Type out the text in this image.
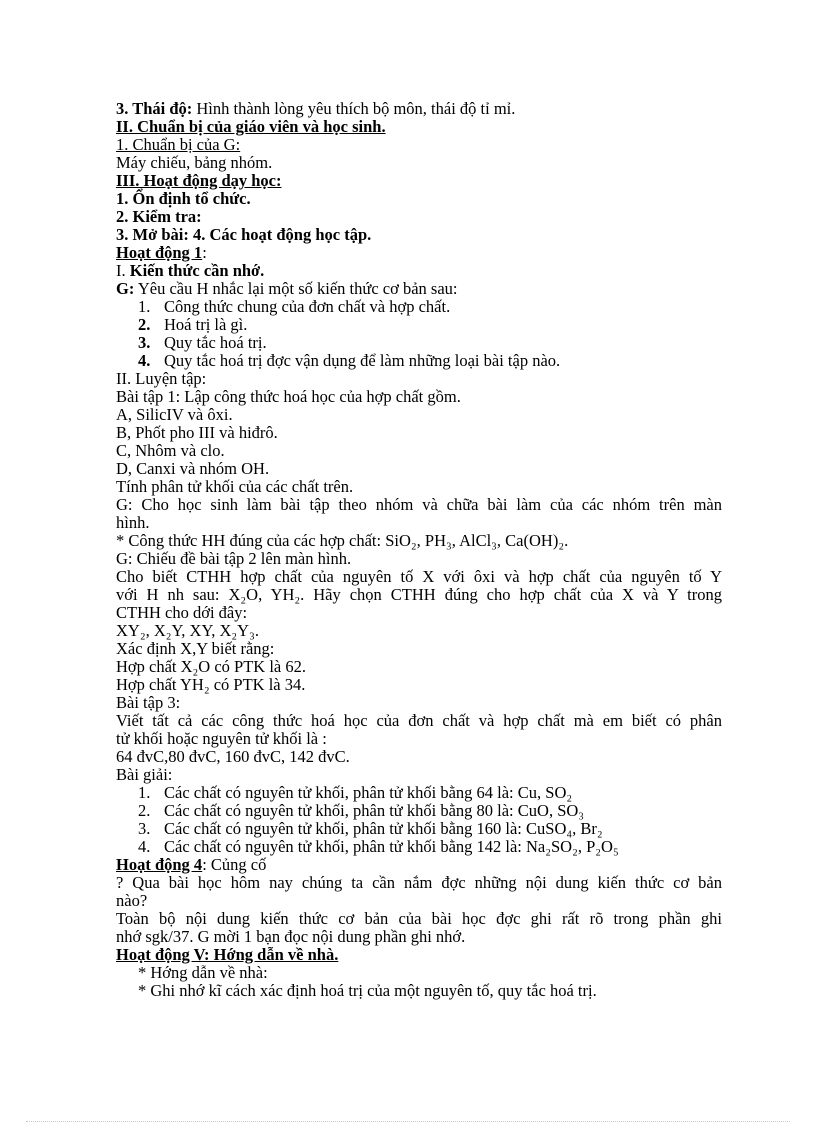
3. Thái độ: Hình thành lòng yêu thích bộ môn, thái độ tỉ mỉ.
II. Chuẩn bị của giáo viên và học sinh.
1. Chuẩn bị của G:
Máy chiếu, bảng nhóm.
III. Hoạt động dạy học:
1. Ổn định tổ chức.
2. Kiểm tra:
3. Mở bài: 4. Các hoạt động học tập.
Hoạt động 1:
I. Kiến thức cần nhớ.
G: Yêu cầu H nhắc lại một số kiến thức cơ bản sau:
1. Công thức chung của đơn chất và hợp chất.
2. Hoá trị là gì.
3. Quy tắc hoá trị.
4. Quy tắc hoá trị đợc vận dụng để làm những loại bài tập nào.
II. Luyện tập:
Bài tập 1: Lập công thức hoá học của hợp chất gồm.
A, SilicIV và ôxi.
B, Phốt pho III và hiđrô.
C, Nhôm và clo.
D, Canxi và nhóm OH.
Tính phân tử khối của các chất trên.
G: Cho học sinh làm bài tập theo nhóm và chữa bài làm của các nhóm trên màn
hình.
* Công thức HH đúng của các hợp chất: SiO₂, PH₃, AlCl₃, Ca(OH)₂.
G: Chiếu đề bài tập 2 lên màn hình.
Cho biết CTHH hợp chất của nguyên tố X với ôxi và hợp chất của nguyên tố Y
với H nh sau: X₂O, YH₂. Hãy chọn CTHH đúng cho hợp chất của X và Y trong
CTHH cho dới đây:
XY₂, X₂Y, XY, X₂Y₃.
Xác định X,Y biết rằng:
Hợp chất X₂O có PTK là 62.
Hợp chất YH₂ có PTK là 34.
Bài tập 3:
Viết tất cả các công thức hoá học của đơn chất và hợp chất mà em biết có phân
tử khối hoặc nguyên tử khối là :
64 đvC,80 đvC, 160 đvC, 142 đvC.
Bài giải:
1. Các chất có nguyên tử khối, phân tử khối bằng 64 là: Cu, SO₂
2. Các chất có nguyên tử khối, phân tử khối bằng 80 là: CuO, SO₃
3. Các chất có nguyên tử khối, phân tử khối bằng 160 là: CuSO₄, Br₂
4. Các chất có nguyên tử khối, phân tử khối bằng 142 là: Na₂SO₂, P₂O₅
Hoạt động 4: Củng cố
? Qua bài học hôm nay chúng ta cần nắm đợc những nội dung kiến thức cơ bản
nào?
Toàn bộ nội dung kiến thức cơ bản của bài học đợc ghi rất rõ trong phần ghi
nhớ sgk/37. G mời 1 bạn đọc nội dung phần ghi nhớ.
Hoạt động V: Hớng dẫn về nhà.
* Hớng dẫn về nhà:
* Ghi nhớ kĩ cách xác định hoá trị của một nguyên tố, quy tắc hoá trị.
